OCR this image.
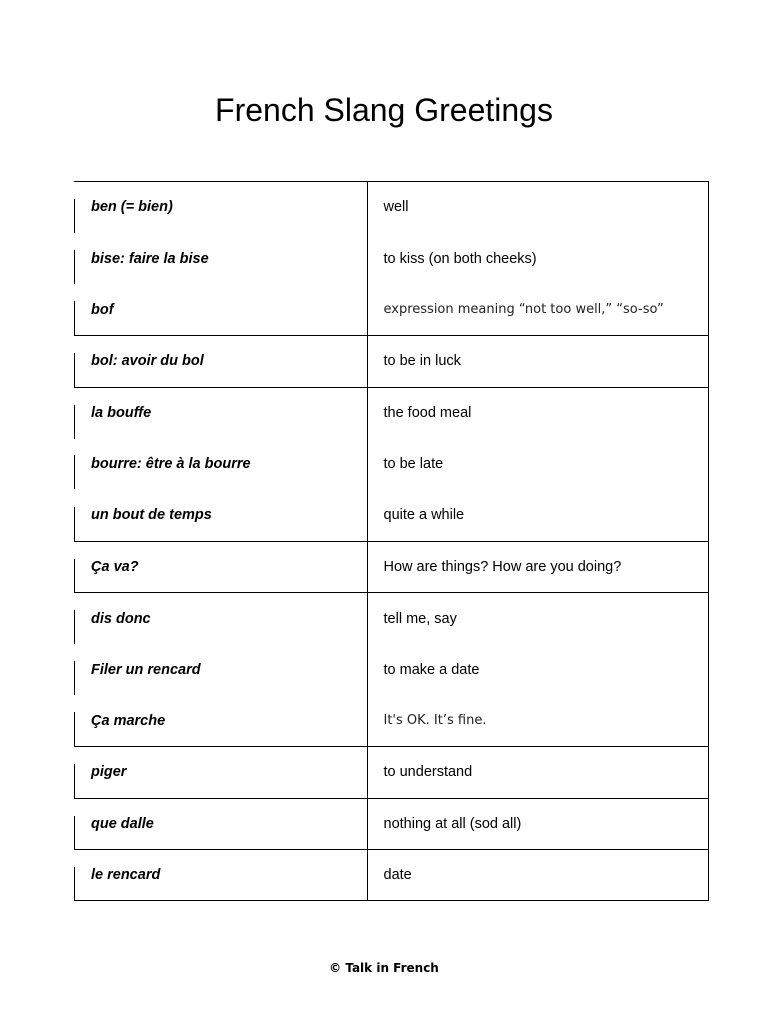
French Slang Greetings
ben (= bien)	well
bise: faire la bise	to kiss (on both cheeks)
bof	expression meaning “not too well,” “so-so”
bol: avoir du bol	to be in luck
la bouffe	the food meal
bourre: être à la bourre	to be late
un bout de temps	quite a while
Ça va?	How are things? How are you doing?
dis donc	tell me, say
Filer un rencard	to make a date
Ça marche	It's OK. It’s fine.
piger	to understand
que dalle	nothing at all (sod all)
le rencard	date
© Talk in French
